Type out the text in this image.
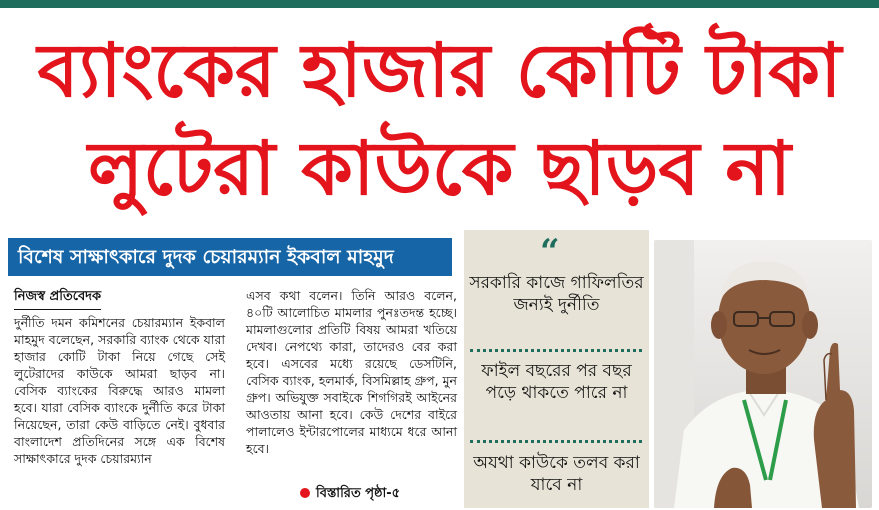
ব্যাংকের হাজার কোটি টাকা
লুটেরা কাউকে ছাড়ব না
বিশেষ সাক্ষাৎকারে দুদক চেয়ারম্যান ইকবাল মাহমুদ
নিজস্ব প্রতিবেদক
দুর্নীতি দমন কমিশনের চেয়ারম্যান ইকবাল মাহমুদ বলেছেন, সরকারি ব্যাংক থেকে যারা হাজার কোটি টাকা নিয়ে গেছে সেই লুটেরাদের কাউকে আমরা ছাড়ব না। বেসিক ব্যাংকের বিরুদ্ধে আরও মামলা হবে। যারা বেসিক ব্যাংকে দুর্নীতি করে টাকা নিয়েছেন, তারা কেউ বাড়িতে নেই। বুধবার বাংলাদেশ প্রতিদিনের সঙ্গে এক বিশেষ সাক্ষাৎকারে দুদক চেয়ারম্যান
এসব কথা বলেন। তিনি আরও বলেন, ৪০টি আলোচিত মামলার পুনঃতদন্ত হচ্ছে। মামলাগুলোর প্রতিটি বিষয় আমরা খতিয়ে দেখব। নেপথ্যে কারা, তাদেরও বের করা হবে। এসবের মধ্যে রয়েছে ডেসটিনি, বেসিক ব্যাংক, হলমার্ক, বিসমিল্লাহ গ্রুপ, মুন গ্রুপ। অভিযুক্ত সবাইকে শিগগিরই আইনের আওতায় আনা হবে। কেউ দেশের বাইরে পালালেও ইন্টারপোলের মাধ্যমে ধরে আনা হবে।
বিস্তারিত পৃষ্ঠা-৫
“
সরকারি কাজে গাফিলতির জন্যই দুর্নীতি
ফাইল বছরের পর বছর পড়ে থাকতে পারে না
অযথা কাউকে তলব করা যাবে না
